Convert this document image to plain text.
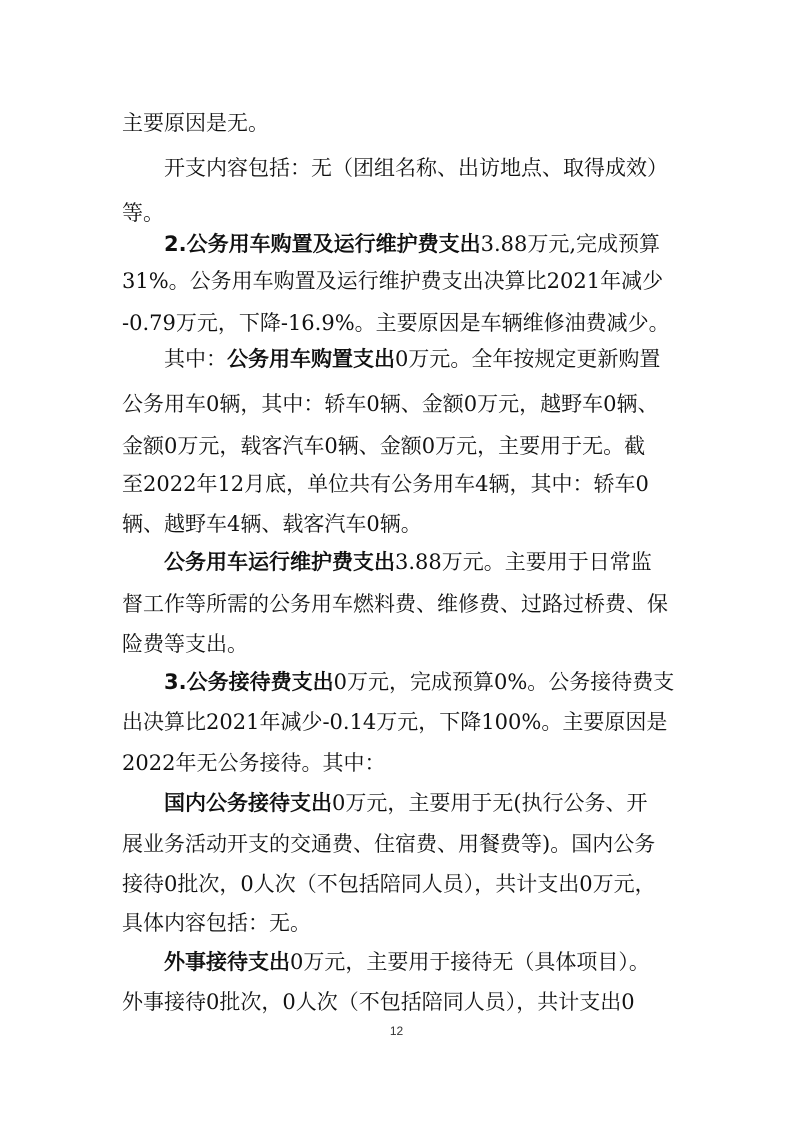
主要原因是无。
开支内容包括：无（团组名称、出访地点、取得成效）
等。
2.公务用车购置及运行维护费支出3.88万元,完成预算
31%。公务用车购置及运行维护费支出决算比2021年减少
-0.79万元，下降-16.9%。主要原因是车辆维修油费减少。
其中：公务用车购置支出0万元。全年按规定更新购置
公务用车0辆，其中：轿车0辆、金额0万元，越野车0辆、
金额0万元，载客汽车0辆、金额0万元，主要用于无。截
至2022年12月底，单位共有公务用车4辆，其中：轿车0
辆、越野车4辆、载客汽车0辆。
公务用车运行维护费支出3.88万元。主要用于日常监
督工作等所需的公务用车燃料费、维修费、过路过桥费、保
险费等支出。
3.公务接待费支出0万元，完成预算0%。公务接待费支
出决算比2021年减少-0.14万元，下降100%。主要原因是
2022年无公务接待。其中：
国内公务接待支出0万元，主要用于无(执行公务、开
展业务活动开支的交通费、住宿费、用餐费等)。国内公务
接待0批次，0人次（不包括陪同人员），共计支出0万元，
具体内容包括：无。
外事接待支出0万元，主要用于接待无（具体项目）。
外事接待0批次，0人次（不包括陪同人员），共计支出0
12
